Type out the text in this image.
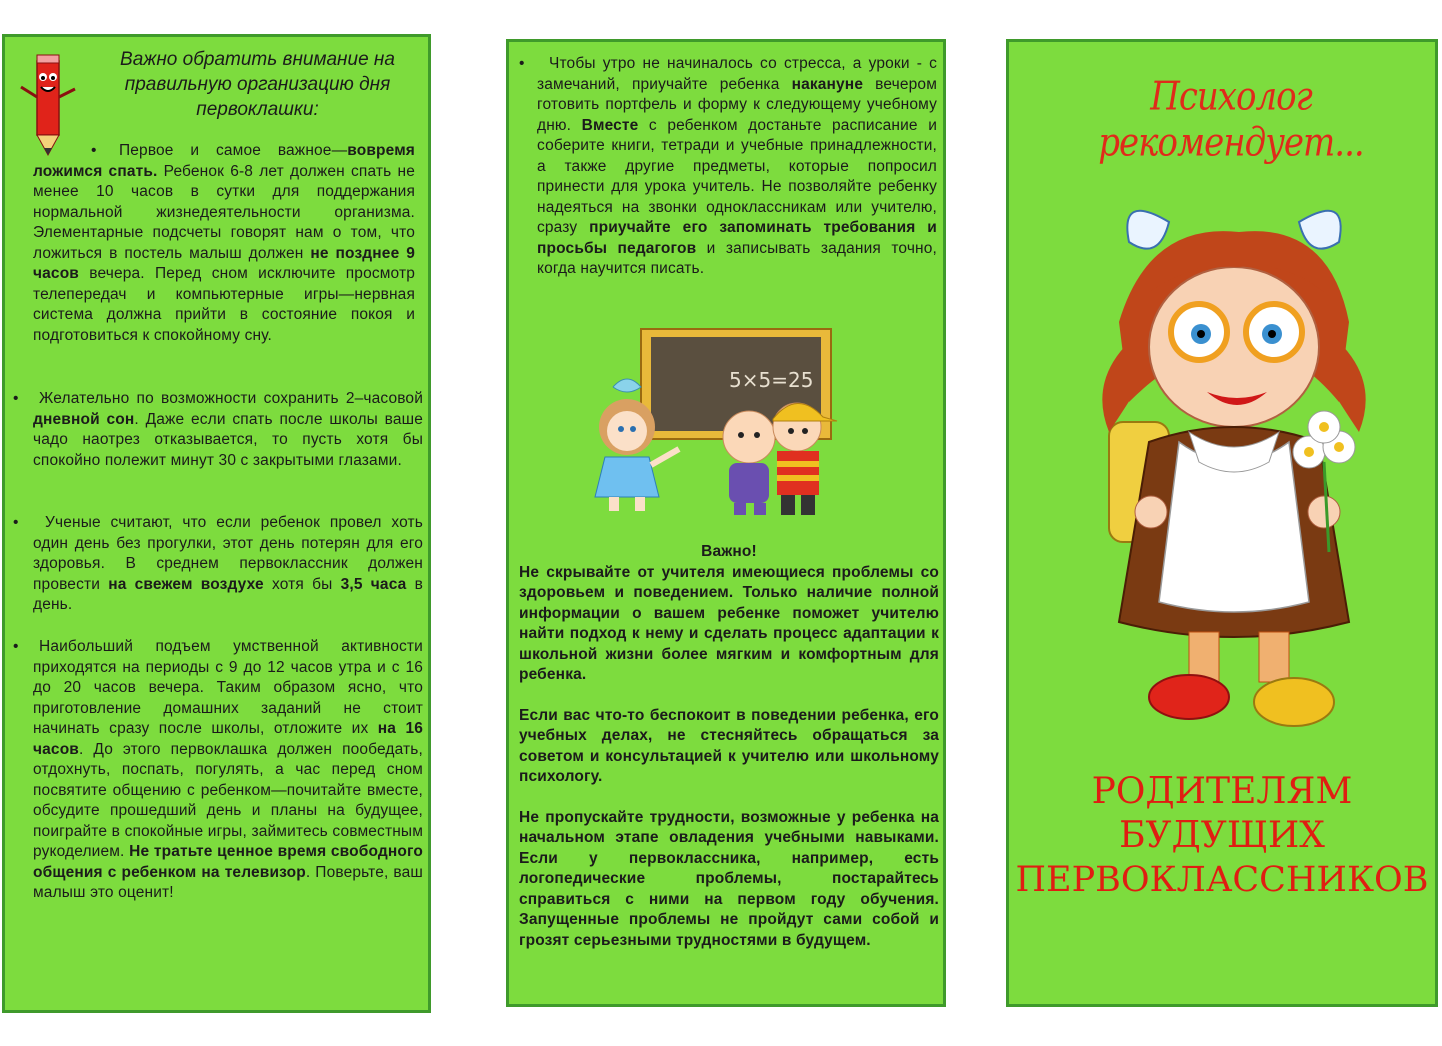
Важно обратить внимание на правильную организацию дня первоклашки:
•	Первое и самое важное—вовремя ложимся спать. Ребенок 6-8 лет должен спать не менее 10 часов в сутки для поддержания нормальной жизнедеятельности организма. Элементарные подсчеты говорят нам о том, что ложиться в постель малыш должен не позднее 9 часов вечера. Перед сном исключите просмотр телепередач и компьютерные игры—нервная система должна прийти в состояние покоя и подготовиться к спокойному сну.

•	Желательно по возможности сохранить 2–часовой дневной сон. Даже если спать после школы ваше чадо наотрез отказывается, то пусть хотя бы спокойно полежит минут 30 с закрытыми глазами.

•	Ученые считают, что если ребенок провел хоть один день без прогулки, этот день потерян для его здоровья. В среднем первоклассник должен провести на свежем воздухе хотя бы 3,5 часа в день.

•	Наибольший подъем умственной активности приходятся на периоды с 9 до 12 часов утра и с 16 до 20 часов вечера. Таким образом ясно, что приготовление домашних заданий не стоит начинать сразу после школы, отложите их на 16 часов. До этого первоклашка должен пообедать, отдохнуть, поспать, погулять, а час перед сном посвятите общению с ребенком—почитайте вместе, обсудите прошедший день и планы на будущее, поиграйте в спокойные игры, займитесь совместным рукоделием. Не тратьте ценное время свободного общения с ребенком на телевизор. Поверьте, ваш малыш это оценит!

•	Чтобы утро не начиналось со стресса, а уроки - с замечаний, приучайте ребенка накануне вечером готовить портфель и форму к следующему учебному дню. Вместе с ребенком достаньте расписание и соберите книги, тетради и учебные принадлежности, а также другие предметы, которые попросил принести для урока учитель. Не позволяйте ребенку надеяться на звонки одноклассникам или учителю, сразу приучайте его запоминать требования и просьбы педагогов и записывать задания точно, когда научится писать.

5×5=25

Важно!

Не скрывайте от учителя имеющиеся проблемы со здоровьем и поведением. Только наличие полной информации о вашем ребенке поможет учителю найти подход к нему и сделать процесс адаптации к школьной жизни более мягким и комфортным для ребенка.

Если вас что-то беспокоит в поведении ребенка, его учебных делах, не стесняйтесь обращаться за советом и консультацией к учителю или школьному психологу.

Не пропускайте трудности, возможные у ребенка на начальном этапе овладения учебными навыками. Если у первоклассника, например, есть логопедические проблемы, постарайтесь справиться с ними на первом году обучения. Запущенные проблемы не пройдут сами собой и грозят серьезными трудностями в будущем.

Психолог рекомендует...
РОДИТЕЛЯМ
БУДУЩИХ
ПЕРВОКЛАССНИКОВ
